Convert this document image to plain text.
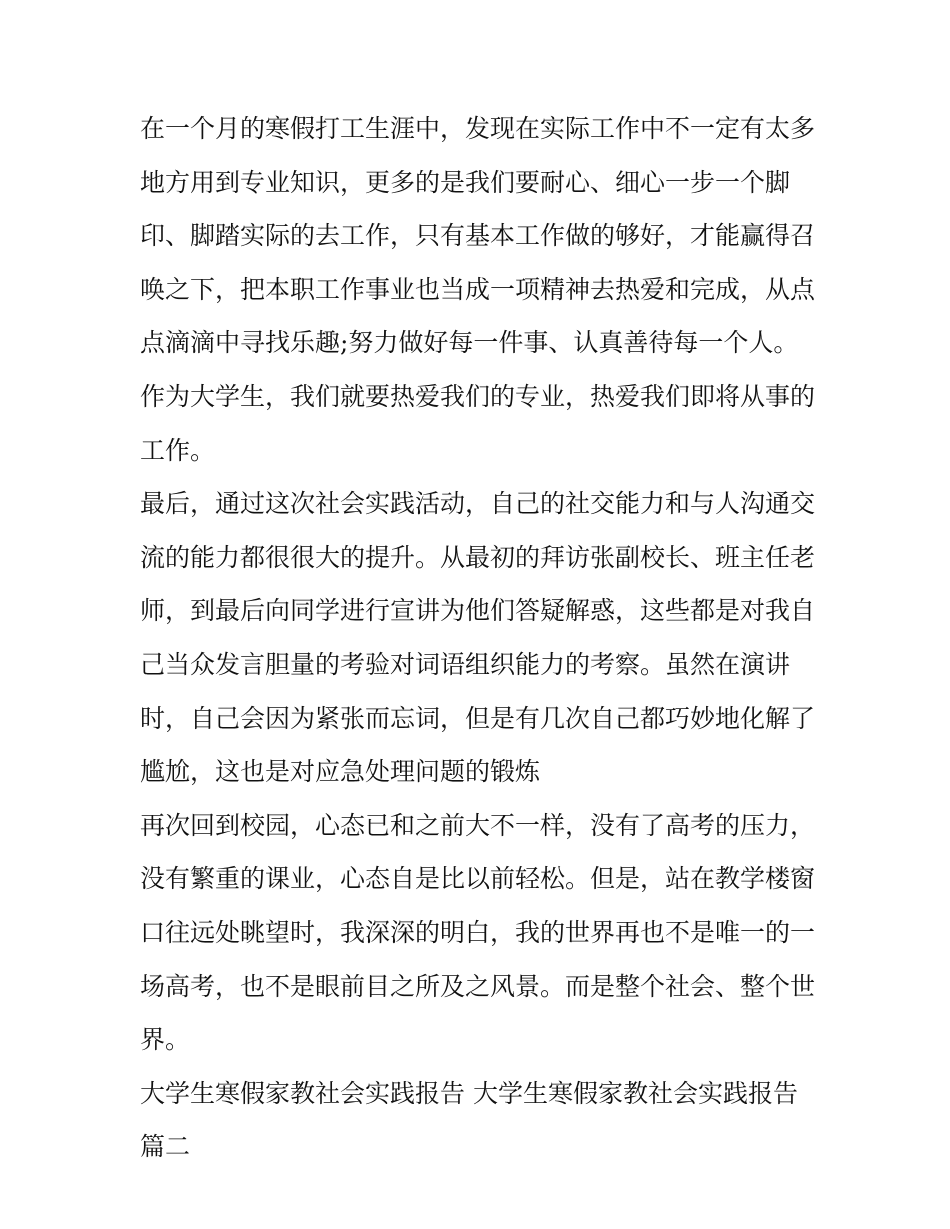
在一个月的寒假打工生涯中，发现在实际工作中不一定有太多
地方用到专业知识，更多的是我们要耐心、细心一步一个脚
印、脚踏实际的去工作，只有基本工作做的够好，才能赢得召
唤之下，把本职工作事业也当成一项精神去热爱和完成，从点
点滴滴中寻找乐趣;努力做好每一件事、认真善待每一个人。
作为大学生，我们就要热爱我们的专业，热爱我们即将从事的
工作。
最后，通过这次社会实践活动，自己的社交能力和与人沟通交
流的能力都很很大的提升。从最初的拜访张副校长、班主任老
师，到最后向同学进行宣讲为他们答疑解惑，这些都是对我自
己当众发言胆量的考验对词语组织能力的考察。虽然在演讲
时，自己会因为紧张而忘词，但是有几次自己都巧妙地化解了
尴尬，这也是对应急处理问题的锻炼
再次回到校园，心态已和之前大不一样，没有了高考的压力，
没有繁重的课业，心态自是比以前轻松。但是，站在教学楼窗
口往远处眺望时，我深深的明白，我的世界再也不是唯一的一
场高考，也不是眼前目之所及之风景。而是整个社会、整个世
界。
大学生寒假家教社会实践报告 大学生寒假家教社会实践报告
篇二
